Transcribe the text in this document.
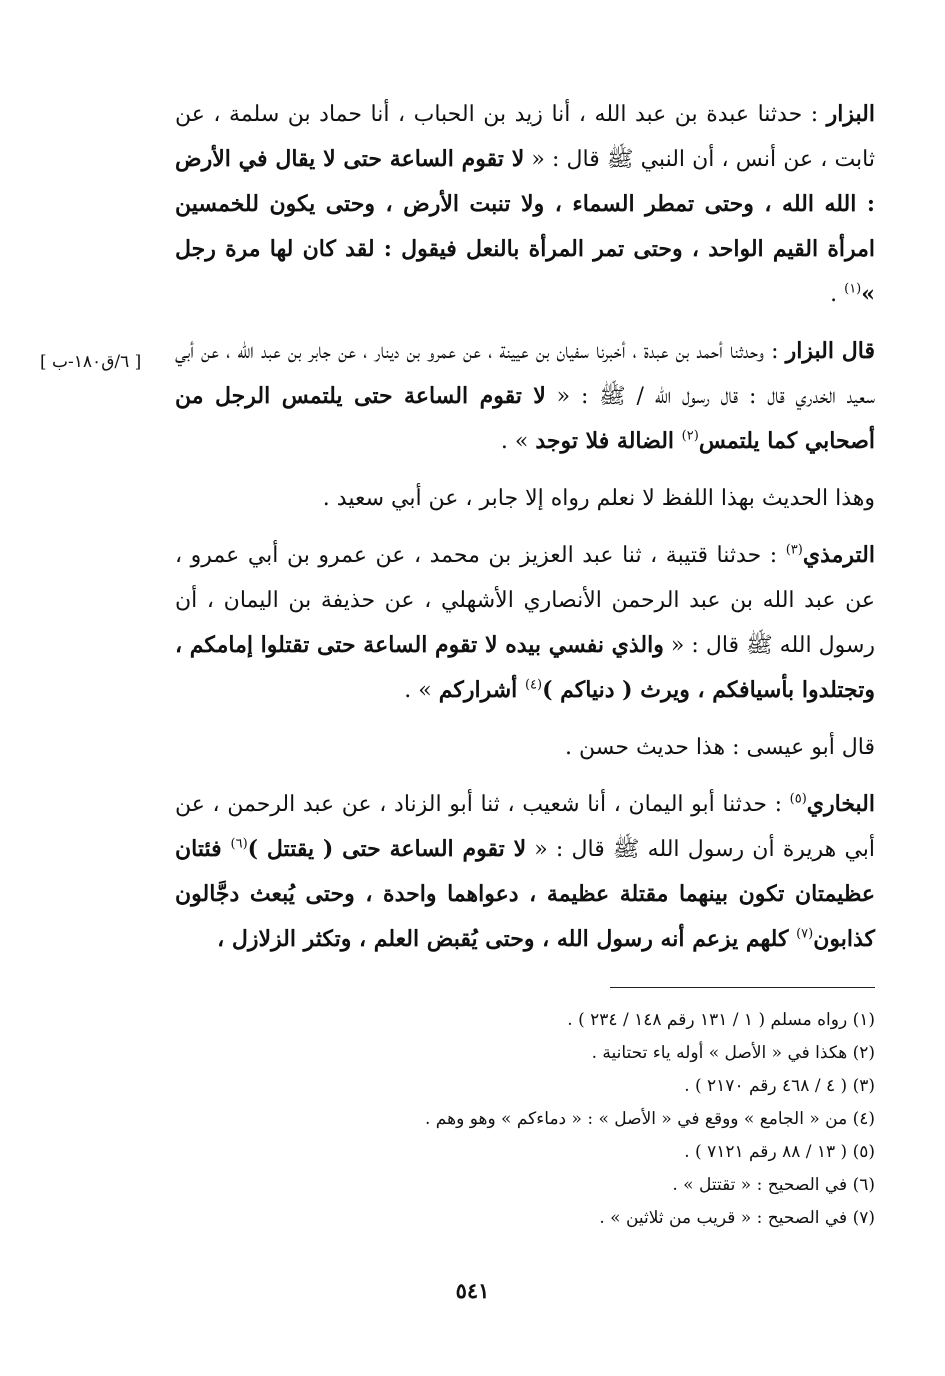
[ ٦/ق١٨٠-ب ]

البزار : حدثنا عبدة بن عبد الله ، أنا زيد بن الحباب ، أنا حماد بن سلمة ، عن ثابت ، عن أنس ، أن النبي ﷺ قال : « لا تقوم الساعة حتى لا يقال في الأرض : الله الله ، وحتى تمطر السماء ، ولا تنبت الأرض ، وحتى يكون للخمسين امرأة القيم الواحد ، وحتى تمر المرأة بالنعل فيقول : لقد كان لها مرة رجل »$^{(١)}$ .

قال البزار : وحدثنا أحمد بن عبدة ، أخبرنا سفيان بن عيينة ، عن عمرو بن دينار ، عن جابر بن عبد الله ، عن أبي سعيد الخدري قال : قال رسول الله / ﷺ : « لا تقوم الساعة حتى يلتمس الرجل من أصحابي كما يلتمس$^{(٢)}$ الضالة فلا توجد » .

وهذا الحديث بهذا اللفظ لا نعلم رواه إلا جابر ، عن أبي سعيد .

الترمذي$^{(٣)}$ : حدثنا قتيبة ، ثنا عبد العزيز بن محمد ، عن عمرو بن أبي عمرو ، عن عبد الله بن عبد الرحمن الأنصاري الأشهلي ، عن حذيفة بن اليمان ، أن رسول الله ﷺ قال : « والذي نفسي بيده لا تقوم الساعة حتى تقتلوا إمامكم ، وتجتلدوا بأسيافكم ، ويرث ( دنياكم )$^{(٤)}$ أشراركم » .

قال أبو عيسى : هذا حديث حسن .

البخاري$^{(٥)}$ : حدثنا أبو اليمان ، أنا شعيب ، ثنا أبو الزناد ، عن عبد الرحمن ، عن أبي هريرة أن رسول الله ﷺ قال : « لا تقوم الساعة حتى ( يقتتل )$^{(٦)}$ فئتان عظيمتان تكون بينهما مقتلة عظيمة ، دعواهما واحدة ، وحتى يُبعث دجَّالون كذابون$^{(٧)}$ كلهم يزعم أنه رسول الله ، وحتى يُقبض العلم ، وتكثر الزلازل ،

(١) رواه مسلم ( ١ / ١٣١ رقم ١٤٨ / ٢٣٤ ) .

(٢) هكذا في « الأصل » أوله ياء تحتانية .

(٣) ( ٤ / ٤٦٨ رقم ٢١٧٠ ) .

(٤) من « الجامع » ووقع في « الأصل » : « دماءكم » وهو وهم .

(٥) ( ١٣ / ٨٨ رقم ٧١٢١ ) .

(٦) في الصحيح : « تقتتل » .

(٧) في الصحيح : « قريب من ثلاثين » .

٥٤١
